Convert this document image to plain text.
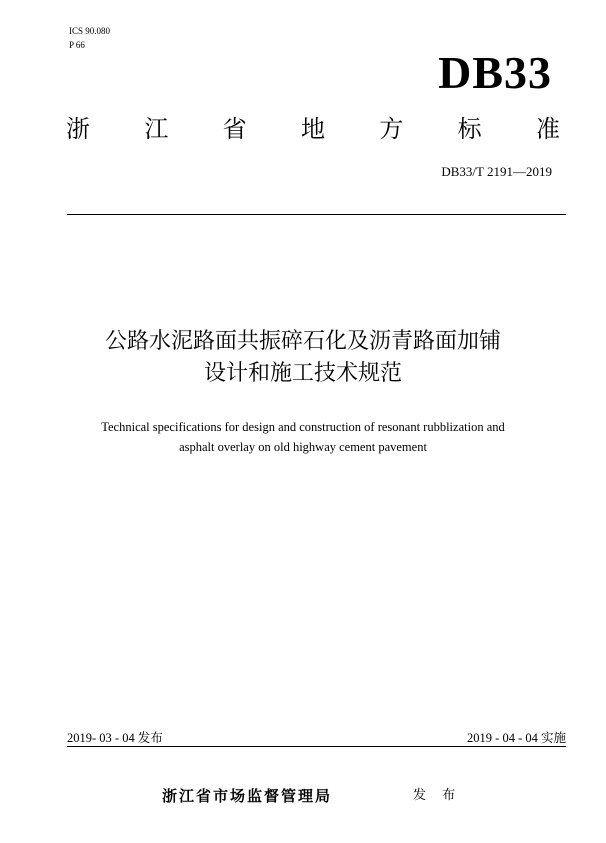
ICS 90.080
P 66
DB33
浙 江 省 地 方 标 准
DB33/T 2191—2019
公路水泥路面共振碎石化及沥青路面加铺
设计和施工技术规范
Technical specifications for design and construction of resonant rubblization and
asphalt overlay on old highway cement pavement
2019- 03 - 04 发布	2019 - 04 - 04 实施
浙江省市场监督管理局	发 布
